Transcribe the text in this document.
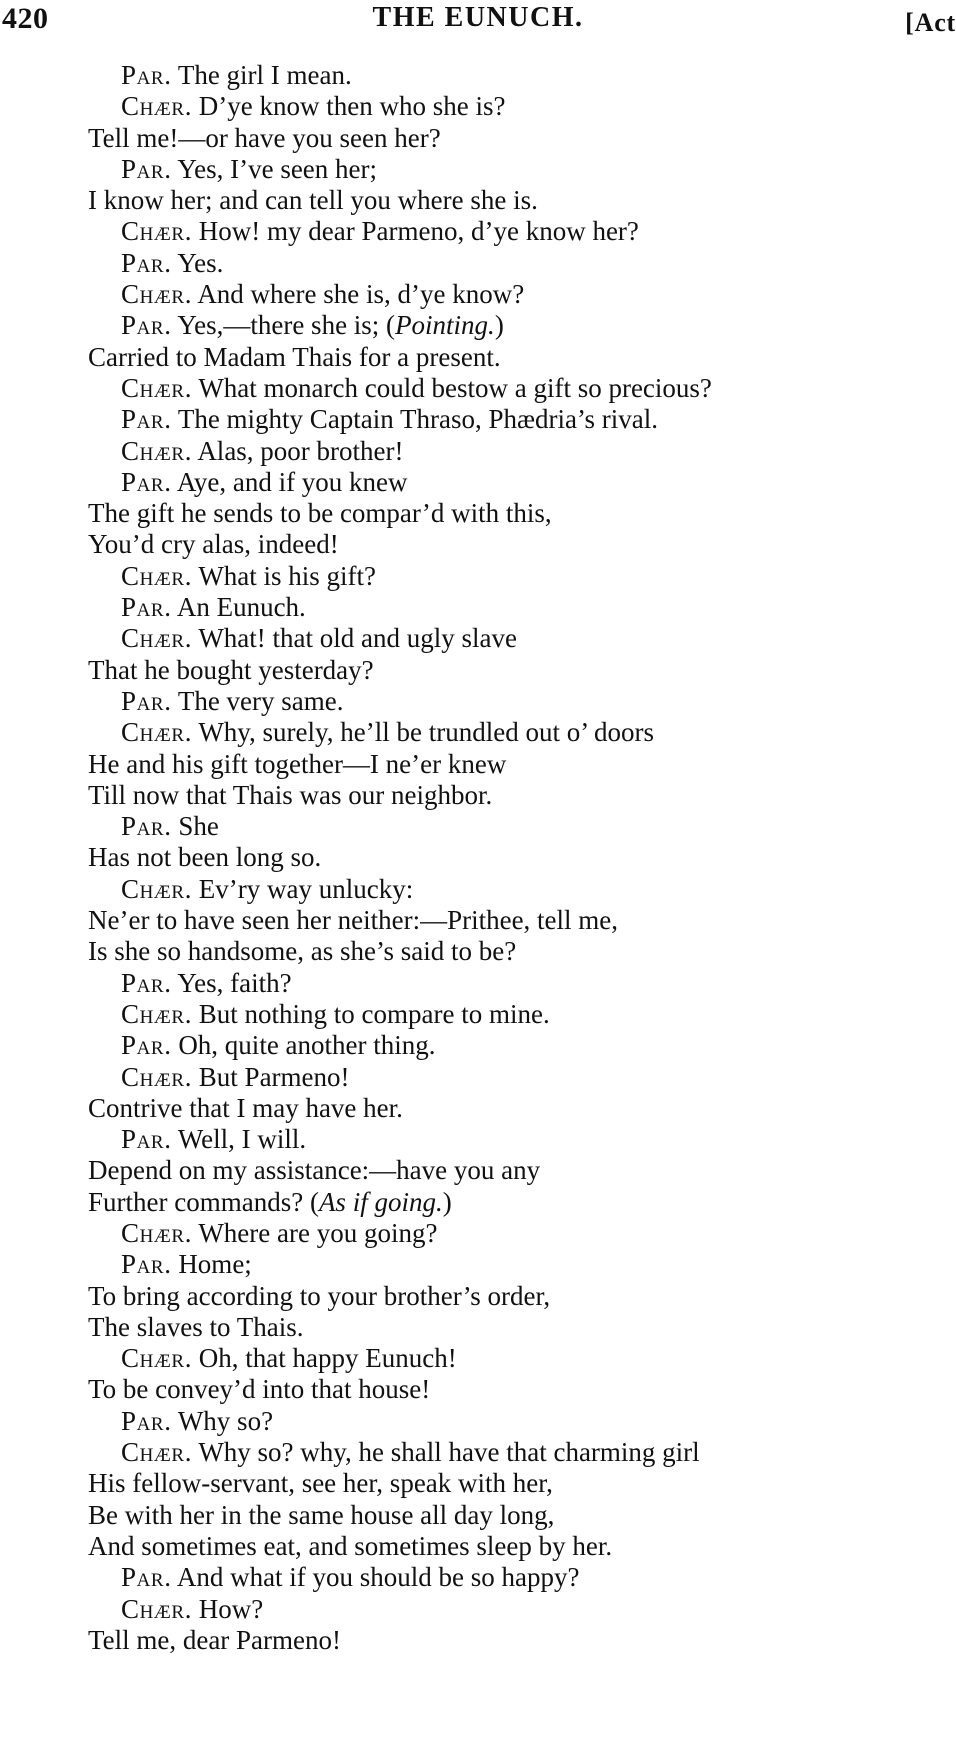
420	THE EUNUCH.	[Act
Par. The girl I mean.
Chær. D’ye know then who she is?
Tell me!—or have you seen her?
Par. Yes, I’ve seen her;
I know her; and can tell you where she is.
Chær. How! my dear Parmeno, d’ye know her?
Par. Yes.
Chær. And where she is, d’ye know?
Par. Yes,—there she is; (Pointing.)
Carried to Madam Thais for a present.
Chær. What monarch could bestow a gift so precious?
Par. The mighty Captain Thraso, Phædria’s rival.
Chær. Alas, poor brother!
Par. Aye, and if you knew
The gift he sends to be compar’d with this,
You’d cry alas, indeed!
Chær. What is his gift?
Par. An Eunuch.
Chær. What! that old and ugly slave
That he bought yesterday?
Par. The very same.
Chær. Why, surely, he’ll be trundled out o’ doors
He and his gift together—I ne’er knew
Till now that Thais was our neighbor.
Par. She
Has not been long so.
Chær. Ev’ry way unlucky:
Ne’er to have seen her neither:—Prithee, tell me,
Is she so handsome, as she’s said to be?
Par. Yes, faith?
Chær. But nothing to compare to mine.
Par. Oh, quite another thing.
Chær. But Parmeno!
Contrive that I may have her.
Par. Well, I will.
Depend on my assistance:—have you any
Further commands? (As if going.)
Chær. Where are you going?
Par. Home;
To bring according to your brother’s order,
The slaves to Thais.
Chær. Oh, that happy Eunuch!
To be convey’d into that house!
Par. Why so?
Chær. Why so? why, he shall have that charming girl
His fellow-servant, see her, speak with her,
Be with her in the same house all day long,
And sometimes eat, and sometimes sleep by her.
Par. And what if you should be so happy?
Chær. How?
Tell me, dear Parmeno!
